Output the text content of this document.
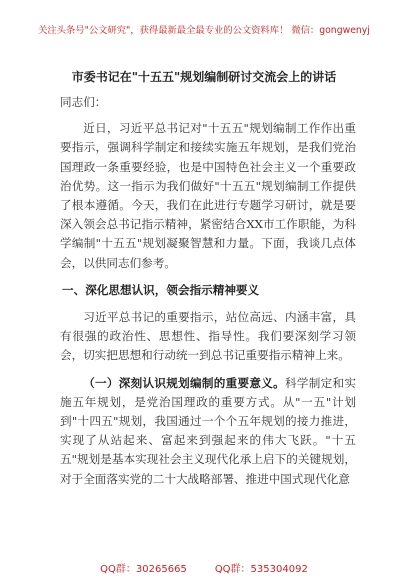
关注头条号"公文研究"，获得最新最全最专业的公文资料库！ 微信：gongwenyj
市委书记在"十五五"规划编制研讨交流会上的讲话

同志们：

近日，习近平总书记对"十五五"规划编制工作作出重要指示，强调科学制定和接续实施五年规划，是我们党治国理政一条重要经验，也是中国特色社会主义一个重要政治优势。这一指示为我们做好"十五五"规划编制工作提供了根本遵循。今天，我们在此进行专题学习研讨，就是要深入领会总书记指示精神，紧密结合XX市工作职能，为科学编制"十五五"规划凝聚智慧和力量。下面，我谈几点体会，以供同志们参考。

一、深化思想认识，领会指示精神要义

习近平总书记的重要指示，站位高远、内涵丰富，具有很强的政治性、思想性、指导性。我们要深刻学习领会，切实把思想和行动统一到总书记重要指示精神上来。

（一）深刻认识规划编制的重要意义。科学制定和实施五年规划，是党治国理政的重要方式。从"一五"计划到"十四五"规划，我国通过一个个五年规划的接力推进，实现了从站起来、富起来到强起来的伟大飞跃。"十五五"规划是基本实现社会主义现代化承上启下的关键规划，对于全面落实党的二十大战略部署、推进中国式现代化意

QQ群：30265665	QQ群：535304092
